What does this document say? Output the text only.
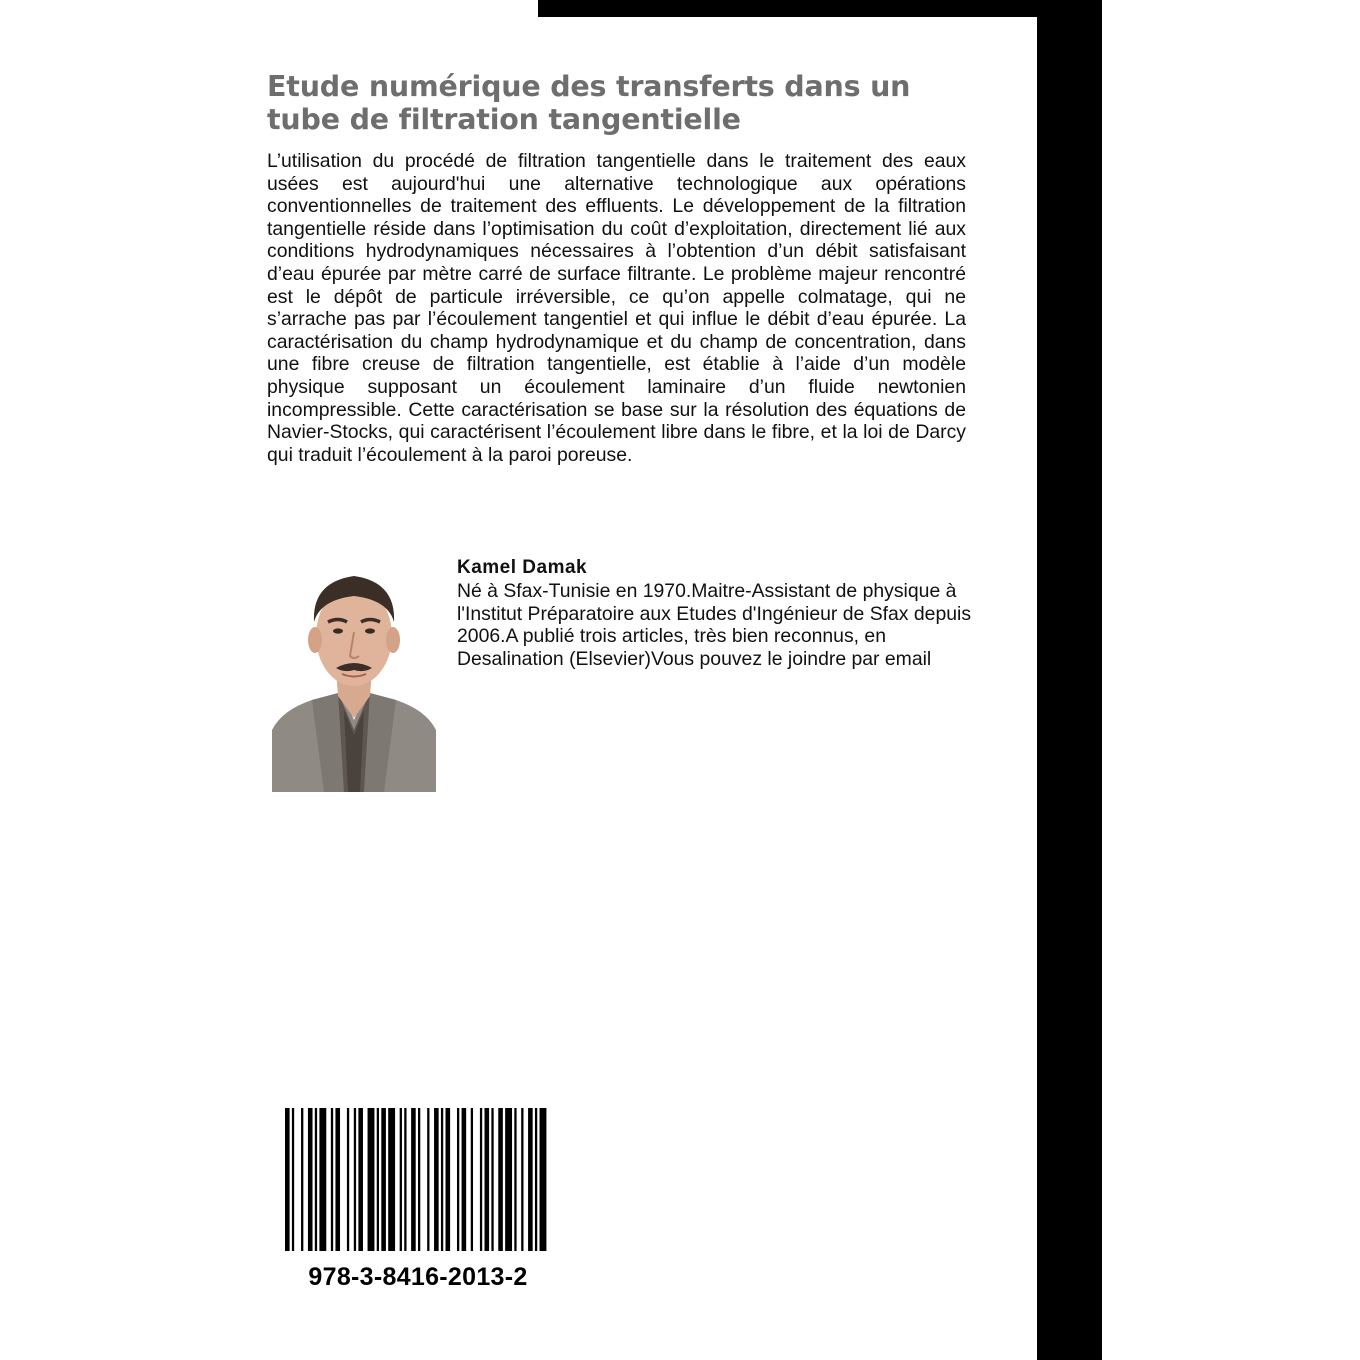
Etude numérique des transferts dans un tube de filtration tangentielle

L’utilisation du procédé de filtration tangentielle dans le traitement des eaux usées est aujourd'hui une alternative technologique aux opérations conventionnelles de traitement des effluents. Le développement de la filtration tangentielle réside dans l’optimisation du coût d’exploitation, directement lié aux conditions hydrodynamiques nécessaires à l’obtention d’un débit satisfaisant d’eau épurée par mètre carré de surface filtrante. Le problème majeur rencontré est le dépôt de particule irréversible, ce qu’on appelle colmatage, qui ne s’arrache pas par l’écoulement tangentiel et qui influe le débit d’eau épurée. La caractérisation du champ hydrodynamique et du champ de concentration, dans une fibre creuse de filtration tangentielle, est établie à l’aide d’un modèle physique supposant un écoulement laminaire d’un fluide newtonien incompressible. Cette caractérisation se base sur la résolution des équations de Navier-Stocks, qui caractérisent l’écoulement libre dans le fibre, et la loi de Darcy qui traduit l’écoulement à la paroi poreuse.

Kamel Damak

Né à Sfax-Tunisie en 1970.Maitre-Assistant de physique à l'Institut Préparatoire aux Etudes d'Ingénieur de Sfax depuis 2006.A publié trois articles, très bien reconnus, en Desalination (Elsevier)Vous pouvez le joindre par email

978-3-8416-2013-2
